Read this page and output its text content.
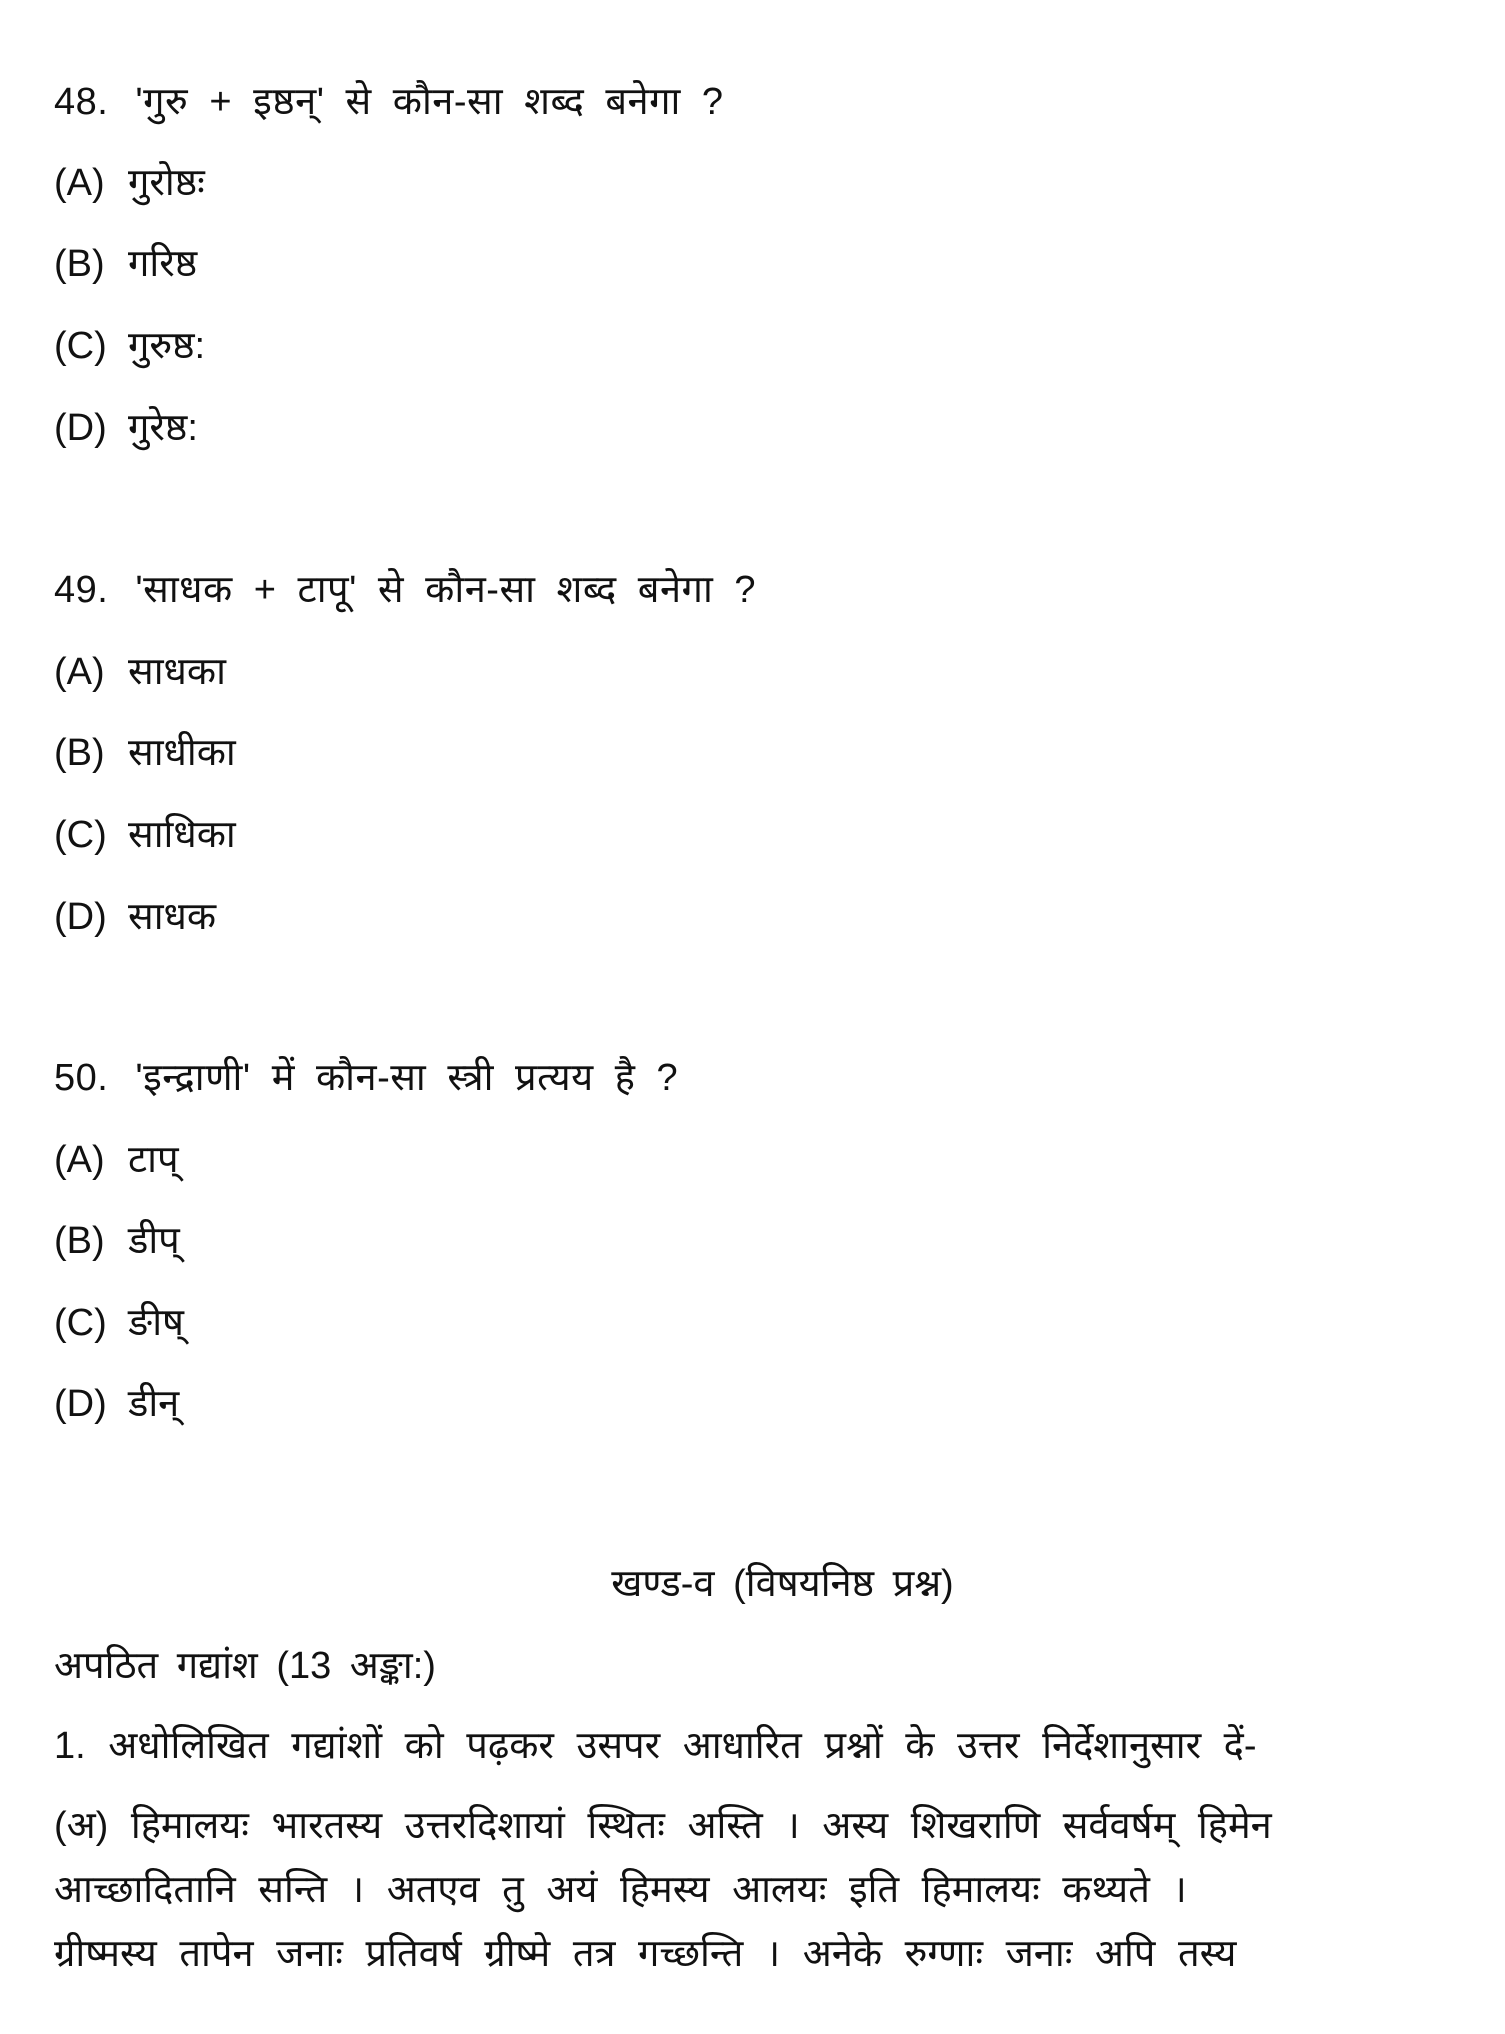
48. 'गुरु + इष्ठन्' से कौन-सा शब्द बनेगा ?
(A) गुरोष्ठः
(B) गरिष्ठ
(C) गुरुष्ठ:
(D) गुरेष्ठ:
49. 'साधक + टापू' से कौन-सा शब्द बनेगा ?
(A) साधका
(B) साधीका
(C) साधिका
(D) साधक
50. 'इन्द्राणी' में कौन-सा स्त्री प्रत्यय है ?
(A) टाप्
(B) डीप्
(C) ङीष्
(D) डीन्
खण्ड-व (विषयनिष्ठ प्रश्न)
अपठित गद्यांश (13 अङ्का:)
1. अधोलिखित गद्यांशों को पढ़कर उसपर आधारित प्रश्नों के उत्तर निर्देशानुसार दें-
(अ) हिमालयः भारतस्य उत्तरदिशायां स्थितः अस्ति । अस्य शिखराणि सर्ववर्षम् हिमेन
आच्छादितानि सन्ति । अतएव तु अयं हिमस्य आलयः इति हिमालयः कथ्यते ।
ग्रीष्मस्य तापेन जनाः प्रतिवर्ष ग्रीष्मे तत्र गच्छन्ति । अनेके रुग्णाः जनाः अपि तस्य
